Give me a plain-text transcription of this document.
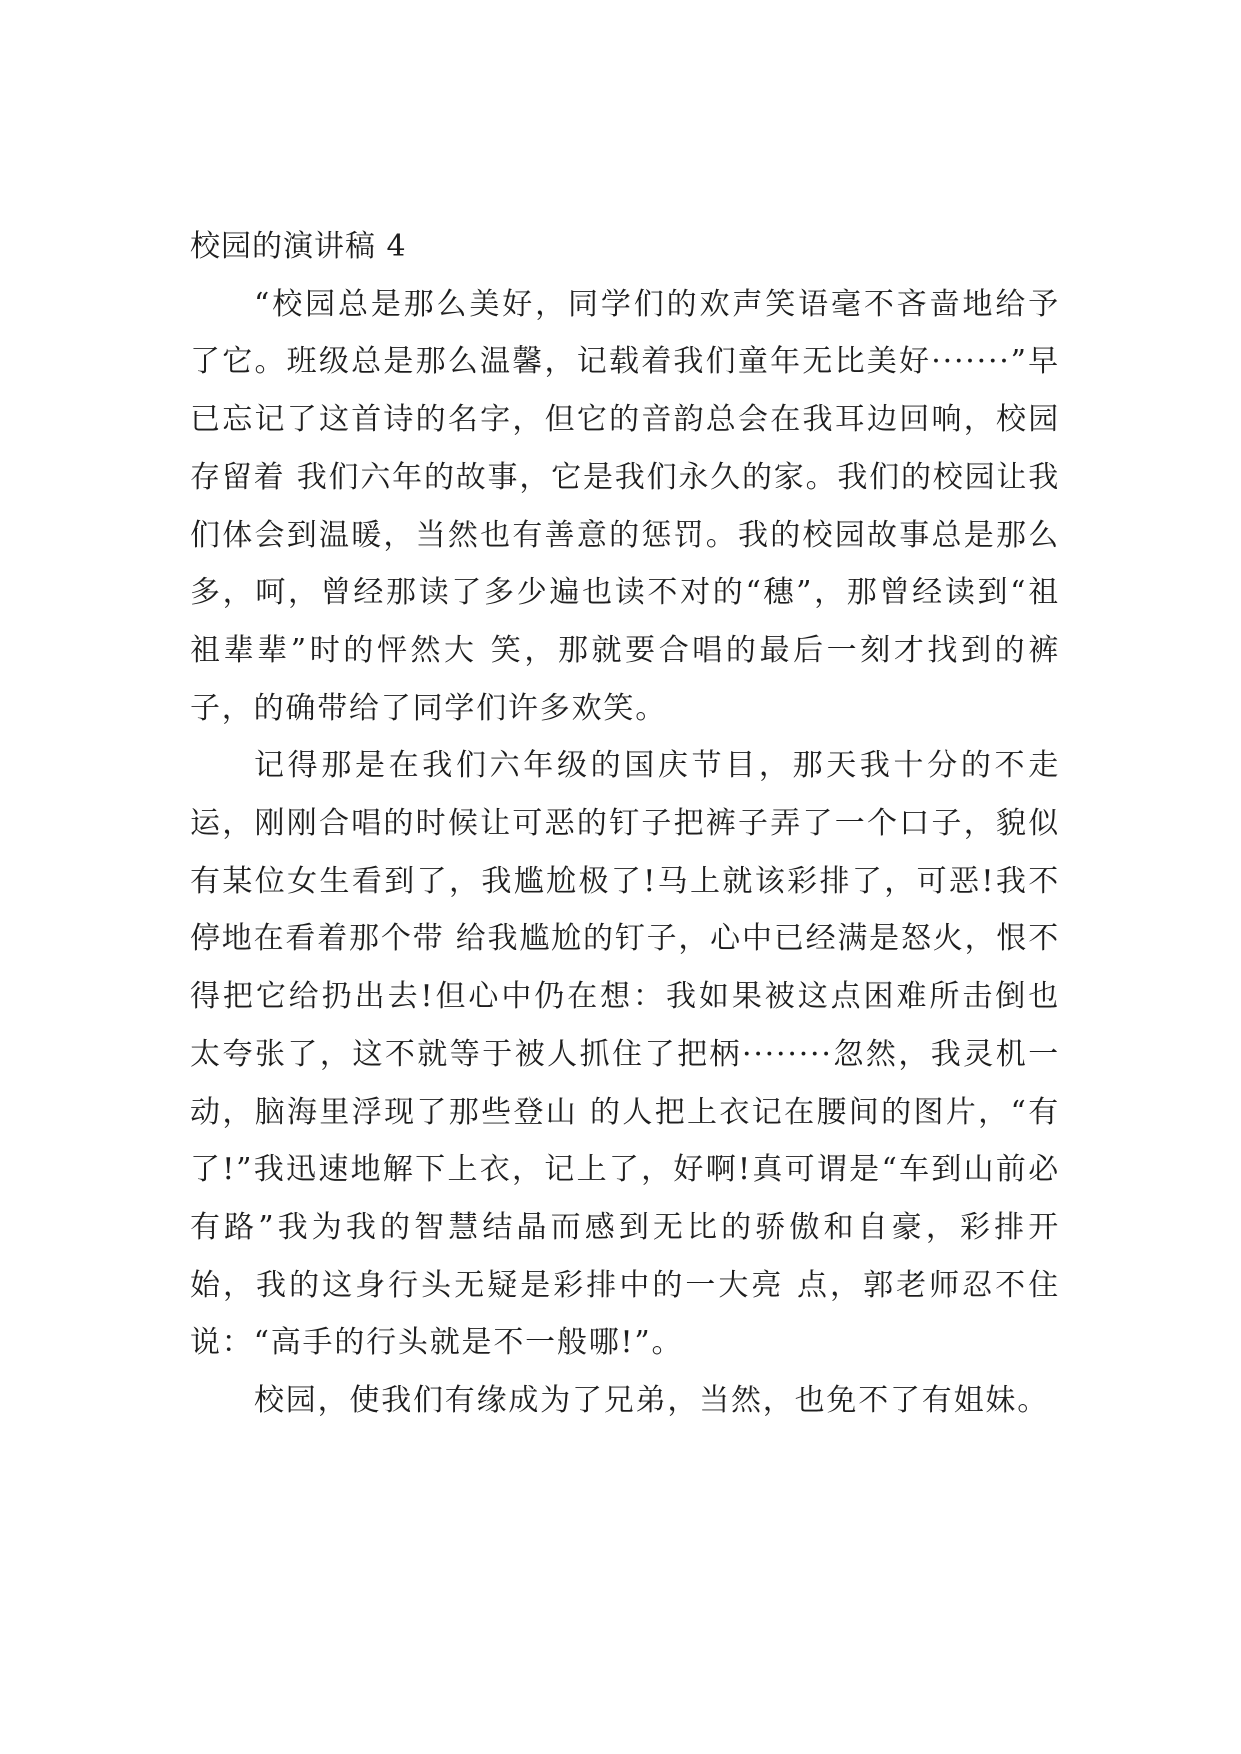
校园的演讲稿 4

“校园总是那么美好，同学们的欢声笑语毫不吝啬地给予了它。班级总是那么温馨，记载着我们童年无比美好·······”早已忘记了这首诗的名字，但它的音韵总会在我耳边回响，校园存留着 我们六年的故事，它是我们永久的家。我们的校园让我们体会到温暖，当然也有善意的惩罚。我的校园故事总是那么多，呵，曾经那读了多少遍也读不对的“穗”，那曾经读到“祖祖辈辈”时的怦然大 笑，那就要合唱的最后一刻才找到的裤子，的确带给了同学们许多欢笑。

记得那是在我们六年级的国庆节目，那天我十分的不走运，刚刚合唱的时候让可恶的钉子把裤子弄了一个口子，貌似有某位女生看到了，我尴尬极了!马上就该彩排了，可恶!我不停地在看着那个带 给我尴尬的钉子，心中已经满是怒火，恨不得把它给扔出去!但心中仍在想：我如果被这点困难所击倒也太夸张了，这不就等于被人抓住了把柄········忽然，我灵机一动，脑海里浮现了那些登山 的人把上衣记在腰间的图片，“有了!”我迅速地解下上衣，记上了，好啊!真可谓是“车到山前必有路”我为我的智慧结晶而感到无比的骄傲和自豪，彩排开始，我的这身行头无疑是彩排中的一大亮 点，郭老师忍不住说：“高手的行头就是不一般哪!”。

校园，使我们有缘成为了兄弟，当然，也免不了有姐妹。
